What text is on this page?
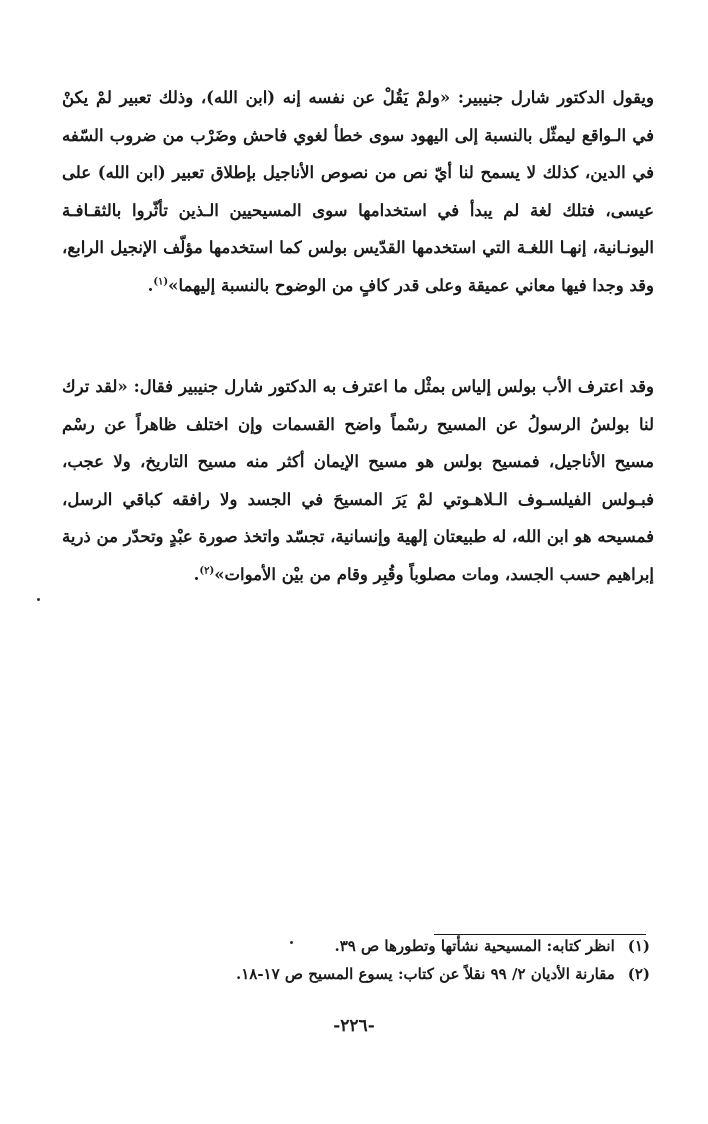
ويقول الدكتور شارل جنيبير: «ولمْ يَقُلْ عن نفسه إنه (ابن الله)، وذلك تعبير لمْ يكنْ في الـواقع ليمثّل بالنسبة إلى اليهود سوى خطأ لغوي فاحش وضَرْب من ضروب السّفه في الدين، كذلك لا يسمح لنا أيّ نص من نصوص الأناجيل بإطلاق تعبير (ابن الله) على عيسى، فتلك لغة لم يبدأ في استخدامها سوى المسيحيين الـذين تأثّروا بالثقـافـة اليونـانية، إنهـا اللغـة التي استخدمها القدّيس بولس كما استخدمها مؤلّف الإنجيل الرابع، وقد وجدا فيها معاني عميقة وعلى قدر كافٍ من الوضوح بالنسبة إليهما»$^{(١)}$.

وقد اعترف الأب بولس إلياس بمثْل ما اعترف به الدكتور شارل جنيبير فقال: «لقد ترك لنا بولسُ الرسولُ عن المسيح رسْماً واضح القسمات وإن اختلف ظاهراً عن رسْم مسيح الأناجيل، فمسيح بولس هو مسيح الإيمان أكثر منه مسيح التاريخ، ولا عجب، فبـولس الفيلسـوف الـلاهـوتي لمْ يَرَ المسيحَ في الجسد ولا رافقه كباقي الرسل، فمسيحه هو ابن الله، له طبيعتان إلهية وإنسانية، تجسّد واتخذ صورة عبْدٍ وتحدّر من ذرية إبراهيم حسب الجسد، ومات مصلوباً وقُبِر وقام من بيْن الأموات»$^{(٢)}$.

(١) انظر كتابه: المسيحية نشأتها وتطورها ص ٣٩.
(٢) مقارنة الأديان ٢/ ٩٩ نقلاً عن كتاب: يسوع المسيح ص ١٧-١٨.
-٢٢٦-
